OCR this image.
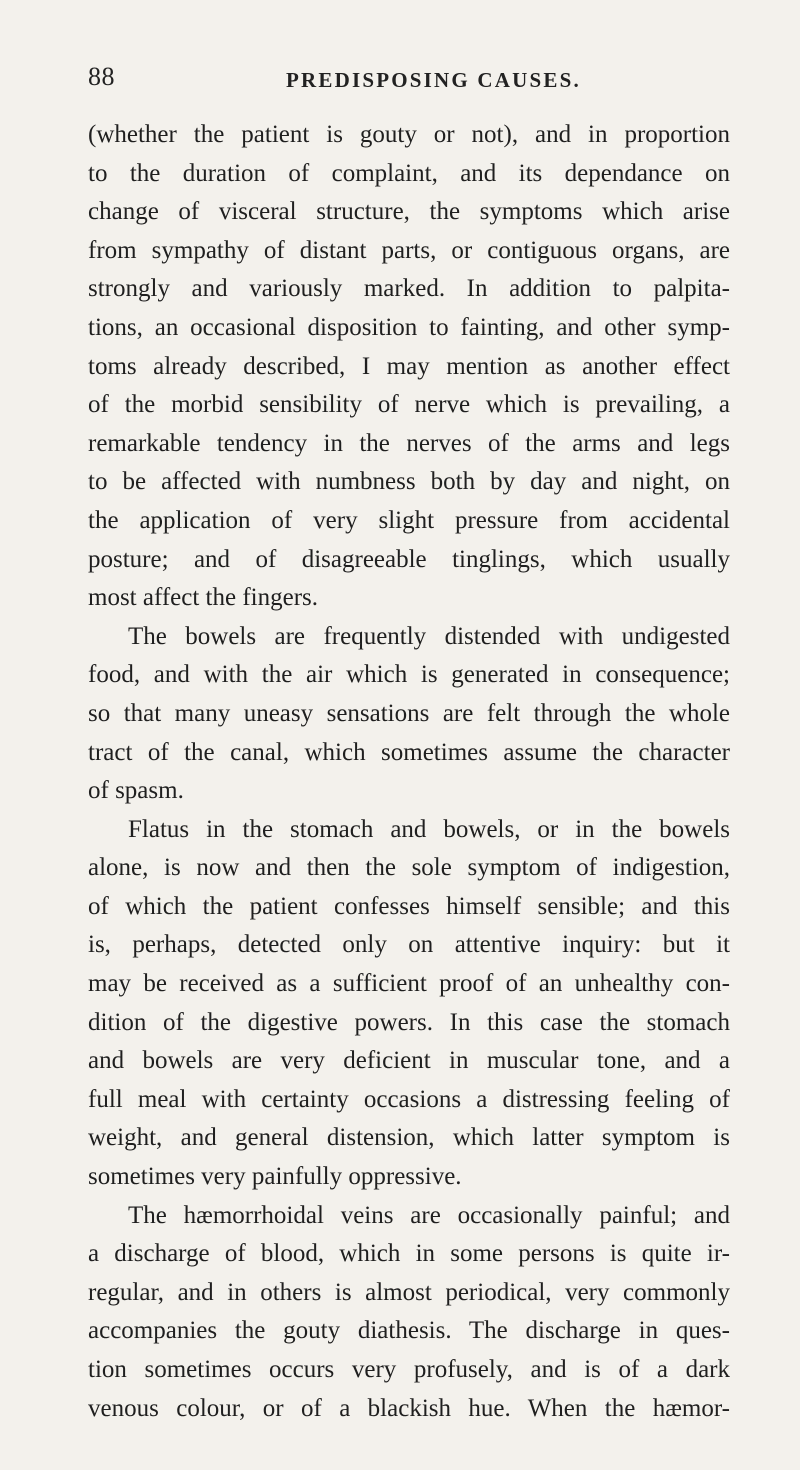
88	PREDISPOSING CAUSES.
(whether the patient is gouty or not), and in proportion
to the duration of complaint, and its dependance on
change of visceral structure, the symptoms which arise
from sympathy of distant parts, or contiguous organs, are
strongly and variously marked. In addition to palpita-
tions, an occasional disposition to fainting, and other symp-
toms already described, I may mention as another effect
of the morbid sensibility of nerve which is prevailing, a
remarkable tendency in the nerves of the arms and legs
to be affected with numbness both by day and night, on
the application of very slight pressure from accidental
posture; and of disagreeable tinglings, which usually
most affect the fingers.
The bowels are frequently distended with undigested
food, and with the air which is generated in consequence;
so that many uneasy sensations are felt through the whole
tract of the canal, which sometimes assume the character
of spasm.
Flatus in the stomach and bowels, or in the bowels
alone, is now and then the sole symptom of indigestion,
of which the patient confesses himself sensible; and this
is, perhaps, detected only on attentive inquiry: but it
may be received as a sufficient proof of an unhealthy con-
dition of the digestive powers. In this case the stomach
and bowels are very deficient in muscular tone, and a
full meal with certainty occasions a distressing feeling of
weight, and general distension, which latter symptom is
sometimes very painfully oppressive.
The hæmorrhoidal veins are occasionally painful; and
a discharge of blood, which in some persons is quite ir-
regular, and in others is almost periodical, very commonly
accompanies the gouty diathesis. The discharge in ques-
tion sometimes occurs very profusely, and is of a dark
venous colour, or of a blackish hue. When the hæmor-
